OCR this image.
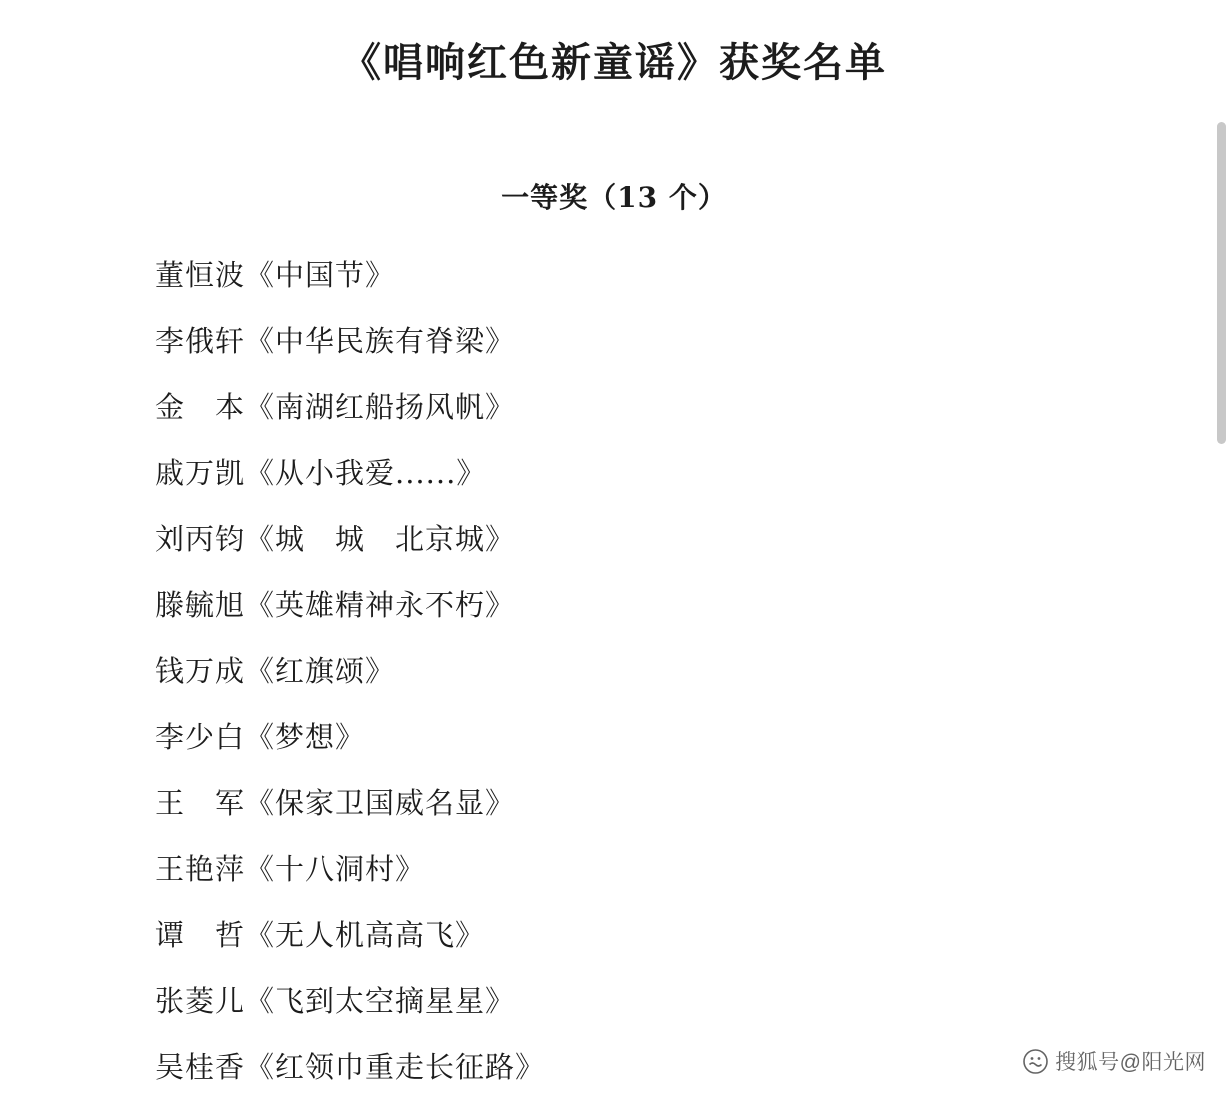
《唱响红色新童谣》获奖名单
一等奖（13 个）
董恒波《中国节》
李俄轩《中华民族有脊梁》
金　本《南湖红船扬风帆》
戚万凯《从小我爱......》
刘丙钧《城　城　北京城》
滕毓旭《英雄精神永不朽》
钱万成《红旗颂》
李少白《梦想》
王　军《保家卫国威名显》
王艳萍《十八洞村》
谭　哲《无人机高高飞》
张菱儿《飞到太空摘星星》
吴桂香《红领巾重走长征路》	搜狐号@阳光网
